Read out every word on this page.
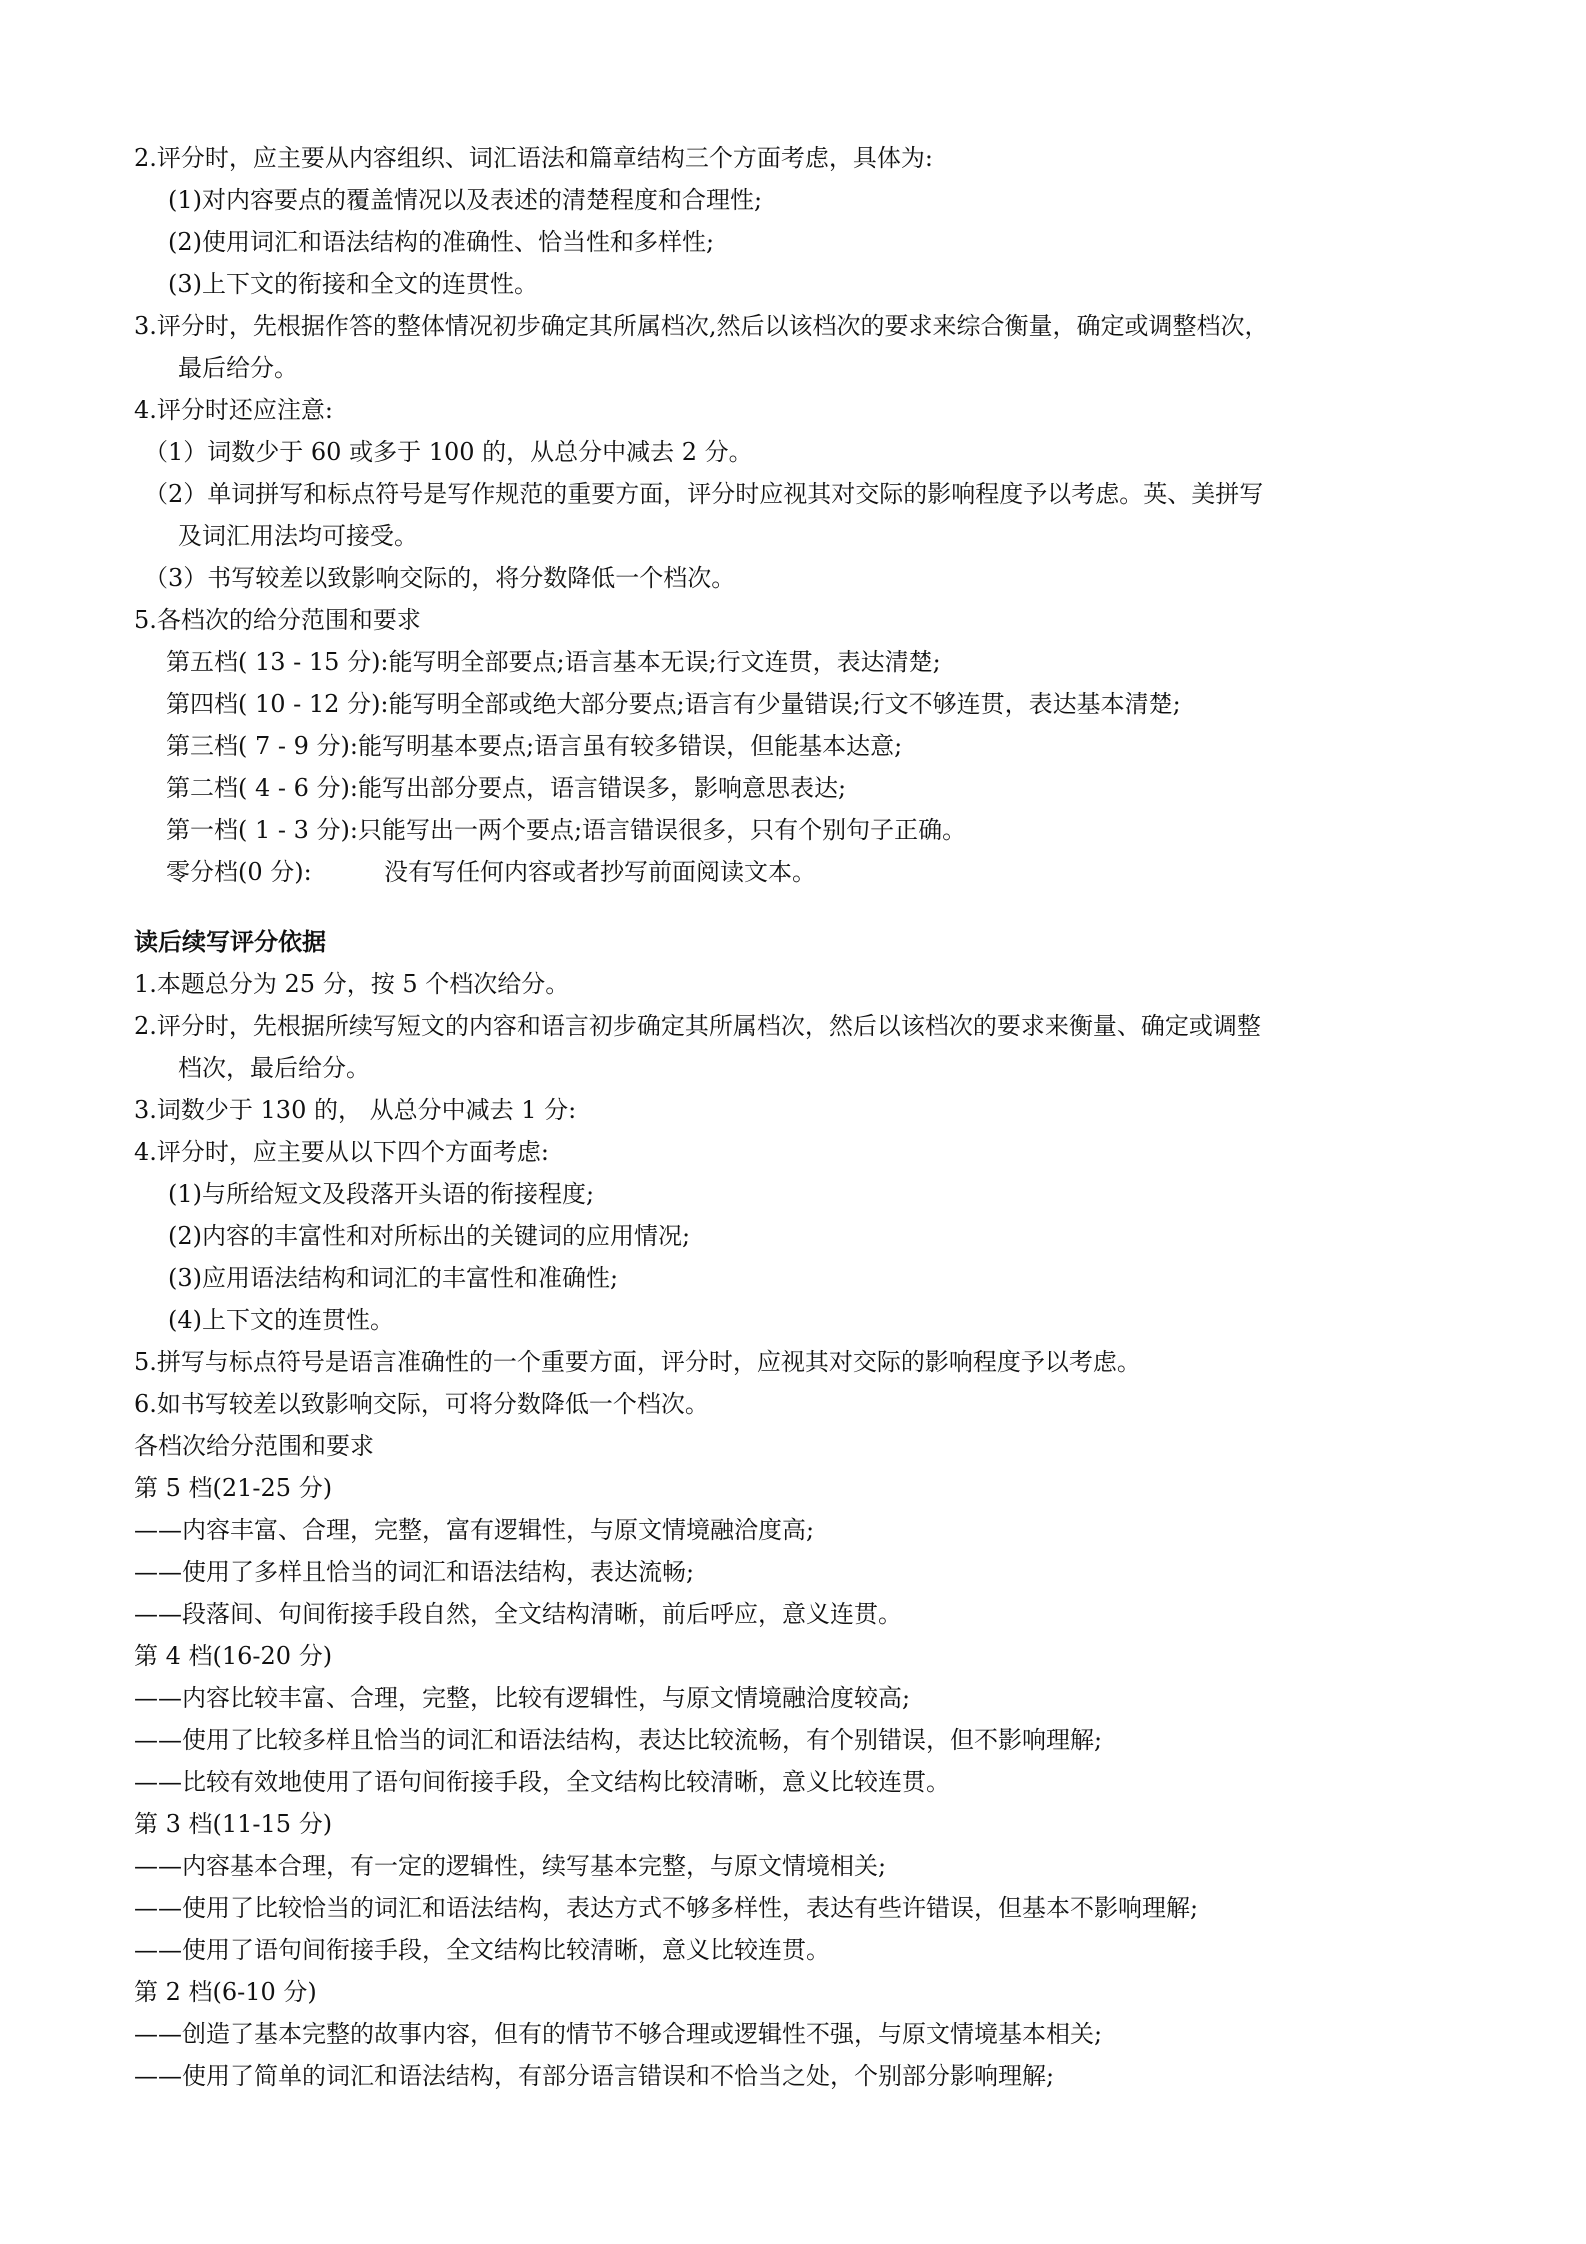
2.评分时，应主要从内容组织、词汇语法和篇章结构三个方面考虑，具体为:
(1)对内容要点的覆盖情况以及表述的清楚程度和合理性;
(2)使用词汇和语法结构的准确性、恰当性和多样性;
(3)上下文的衔接和全文的连贯性。
3.评分时，先根据作答的整体情况初步确定其所属档次,然后以该档次的要求来综合衡量，确定或调整档次，
最后给分。
4.评分时还应注意:
（1）词数少于 60 或多于 100 的，从总分中减去 2 分。
（2）单词拼写和标点符号是写作规范的重要方面，评分时应视其对交际的影响程度予以考虑。英、美拼写
及词汇用法均可接受。
（3）书写较差以致影响交际的，将分数降低一个档次。
5.各档次的给分范围和要求
第五档( 13 - 15 分):能写明全部要点;语言基本无误;行文连贯，表达清楚;
第四档( 10 - 12 分):能写明全部或绝大部分要点;语言有少量错误;行文不够连贯，表达基本清楚;
第三档( 7 - 9 分):能写明基本要点;语言虽有较多错误，但能基本达意;
第二档( 4 - 6 分):能写出部分要点，语言错误多，影响意思表达;
第一档( 1 - 3 分):只能写出一两个要点;语言错误很多，只有个别句子正确。
零分档(0 分):	没有写任何内容或者抄写前面阅读文本。
读后续写评分依据
1.本题总分为 25 分，按 5 个档次给分。
2.评分时，先根据所续写短文的内容和语言初步确定其所属档次，然后以该档次的要求来衡量、确定或调整
档次，最后给分。
3.词数少于 130 的， 从总分中减去 1 分:
4.评分时，应主要从以下四个方面考虑:
(1)与所给短文及段落开头语的衔接程度;
(2)内容的丰富性和对所标出的关键词的应用情况;
(3)应用语法结构和词汇的丰富性和准确性;
(4)上下文的连贯性。
5.拼写与标点符号是语言准确性的一个重要方面，评分时，应视其对交际的影响程度予以考虑。
6.如书写较差以致影响交际，可将分数降低一个档次。
各档次给分范围和要求
第 5 档(21-25 分)
——内容丰富、合理，完整，富有逻辑性，与原文情境融洽度高;
——使用了多样且恰当的词汇和语法结构，表达流畅;
——段落间、句间衔接手段自然，全文结构清晰，前后呼应，意义连贯。
第 4 档(16-20 分)
——内容比较丰富、合理，完整，比较有逻辑性，与原文情境融洽度较高;
——使用了比较多样且恰当的词汇和语法结构，表达比较流畅，有个别错误，但不影响理解;
——比较有效地使用了语句间衔接手段，全文结构比较清晰，意义比较连贯。
第 3 档(11-15 分)
——内容基本合理，有一定的逻辑性，续写基本完整，与原文情境相关;
——使用了比较恰当的词汇和语法结构，表达方式不够多样性，表达有些许错误，但基本不影响理解;
——使用了语句间衔接手段，全文结构比较清晰，意义比较连贯。
第 2 档(6-10 分)
——创造了基本完整的故事内容，但有的情节不够合理或逻辑性不强，与原文情境基本相关;
——使用了简单的词汇和语法结构，有部分语言错误和不恰当之处，个别部分影响理解;
